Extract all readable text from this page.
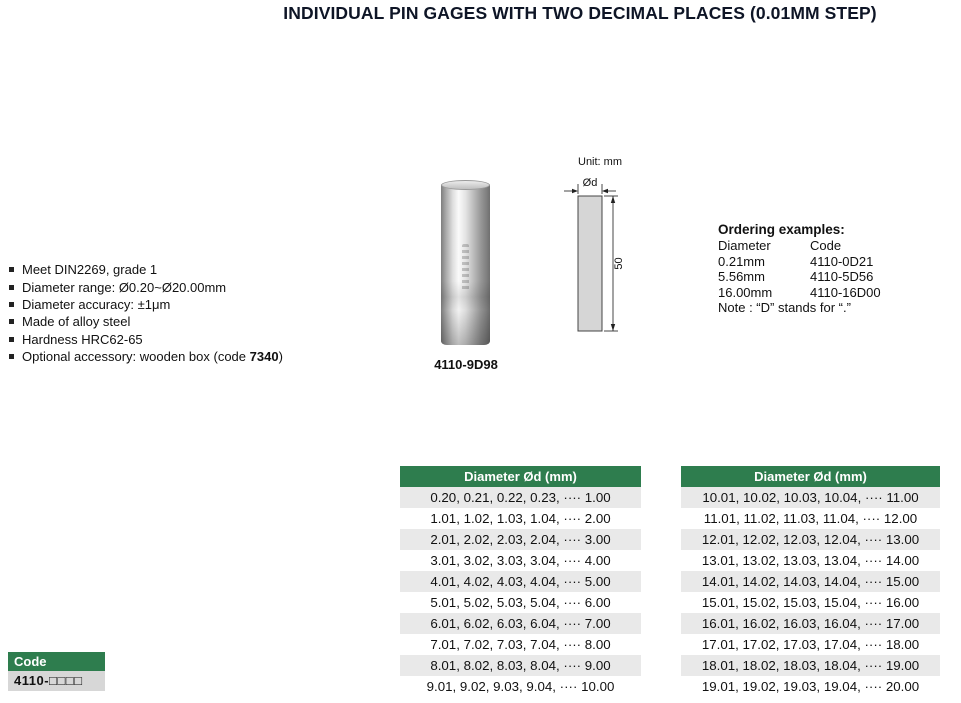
INDIVIDUAL PIN GAGES WITH TWO DECIMAL PLACES (0.01MM STEP)
Meet DIN2269, grade 1
Diameter range: Ø0.20~Ø20.00mm
Diameter accuracy: ±1μm
Made of alloy steel
Hardness HRC62-65
Optional accessory: wooden box (code 7340)
4110-9D98
Unit: mm
Ød
50
Ordering examples:
Diameter	Code
0.21mm	4110-0D21
5.56mm	4110-5D56
16.00mm	4110-16D00
Note : “D” stands for “.”
Code
4110-□□□□
Diameter Ød (mm)
0.20, 0.21, 0.22, 0.23, ···· 1.00
1.01, 1.02, 1.03, 1.04, ···· 2.00
2.01, 2.02, 2.03, 2.04, ···· 3.00
3.01, 3.02, 3.03, 3.04, ···· 4.00
4.01, 4.02, 4.03, 4.04, ···· 5.00
5.01, 5.02, 5.03, 5.04, ···· 6.00
6.01, 6.02, 6.03, 6.04, ···· 7.00
7.01, 7.02, 7.03, 7.04, ···· 8.00
8.01, 8.02, 8.03, 8.04, ···· 9.00
9.01, 9.02, 9.03, 9.04, ···· 10.00
Diameter Ød (mm)
10.01, 10.02, 10.03, 10.04, ···· 11.00
11.01, 11.02, 11.03, 11.04, ···· 12.00
12.01, 12.02, 12.03, 12.04, ···· 13.00
13.01, 13.02, 13.03, 13.04, ···· 14.00
14.01, 14.02, 14.03, 14.04, ···· 15.00
15.01, 15.02, 15.03, 15.04, ···· 16.00
16.01, 16.02, 16.03, 16.04, ···· 17.00
17.01, 17.02, 17.03, 17.04, ···· 18.00
18.01, 18.02, 18.03, 18.04, ···· 19.00
19.01, 19.02, 19.03, 19.04, ···· 20.00
